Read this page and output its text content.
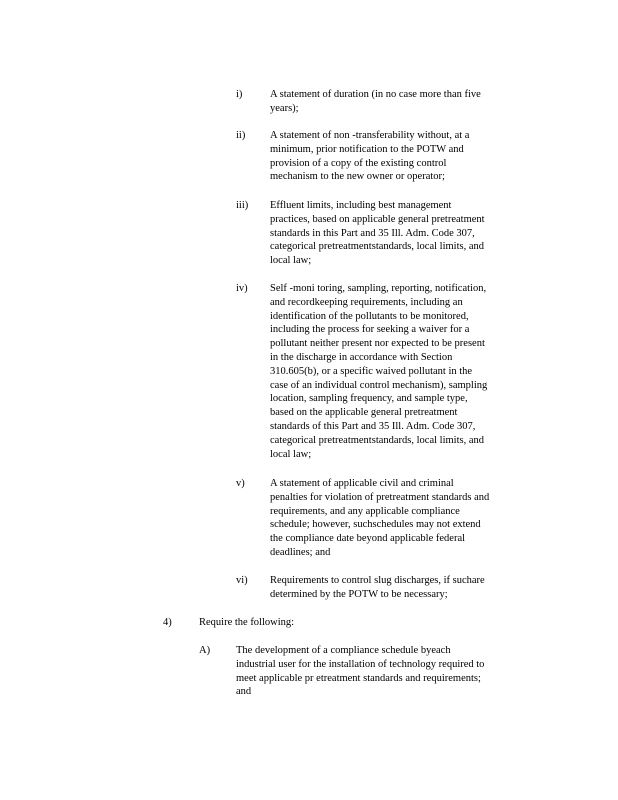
i)	A statement of duration (in no case more than five
years);
ii)	A statement of non -transferability without, at a
minimum, prior notification to the POTW and
provision of a copy of the existing control
mechanism to the new owner or operator;
iii)	Effluent limits, including best management
practices, based on applicable general pretreatment
standards in this Part and 35 Ill. Adm. Code 307,
categorical pretreatmentstandards, local limits, and
local law;
iv)	Self -moni toring, sampling, reporting, notification,
and recordkeeping requirements, including an
identification of the pollutants to be monitored,
including the process for seeking a waiver for a
pollutant neither present nor expected to be present
in the discharge in accordance with Section
310.605(b), or a specific waived pollutant in the
case of an individual control mechanism), sampling
location, sampling frequency, and sample type,
based on the applicable general pretreatment
standards of this Part and 35 Ill. Adm. Code 307,
categorical pretreatmentstandards, local limits, and
local law;
v)	A statement of applicable civil and criminal
penalties for violation of pretreatment standards and
requirements, and any applicable compliance
schedule; however, suchschedules may not extend
the compliance date beyond applicable federal
deadlines; and
vi)	Requirements to control slug discharges, if suchare
determined by the POTW to be necessary;
4)	Require the following:
A)	The development of a compliance schedule byeach
industrial user for the installation of technology required to
meet applicable pr etreatment standards and requirements;
and
